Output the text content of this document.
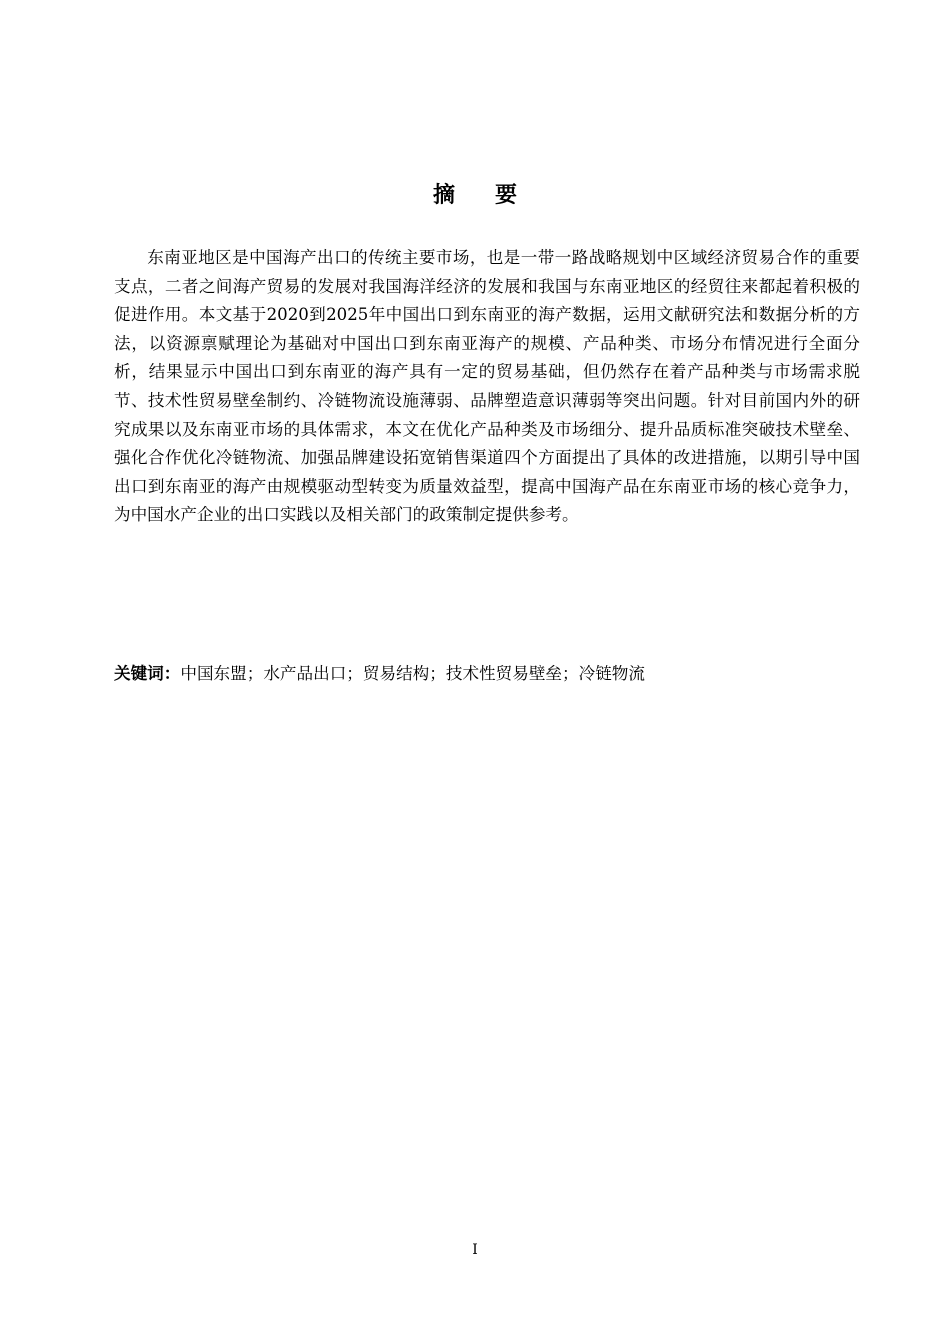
摘 要

东南亚地区是中国海产出口的传统主要市场，也是一带一路战略规划中区域经济贸易合作的重要支点，二者之间海产贸易的发展对我国海洋经济的发展和我国与东南亚地区的经贸往来都起着积极的促进作用。本文基于2020到2025年中国出口到东南亚的海产数据，运用文献研究法和数据分析的方法，以资源禀赋理论为基础对中国出口到东南亚海产的规模、产品种类、市场分布情况进行全面分析，结果显示中国出口到东南亚的海产具有一定的贸易基础，但仍然存在着产品种类与市场需求脱节、技术性贸易壁垒制约、冷链物流设施薄弱、品牌塑造意识薄弱等突出问题。针对目前国内外的研究成果以及东南亚市场的具体需求，本文在优化产品种类及市场细分、提升品质标准突破技术壁垒、强化合作优化冷链物流、加强品牌建设拓宽销售渠道四个方面提出了具体的改进措施，以期引导中国出口到东南亚的海产由规模驱动型转变为质量效益型，提高中国海产品在东南亚市场的核心竞争力，为中国水产企业的出口实践以及相关部门的政策制定提供参考。

关键词：中国东盟；水产品出口；贸易结构；技术性贸易壁垒；冷链物流

I
